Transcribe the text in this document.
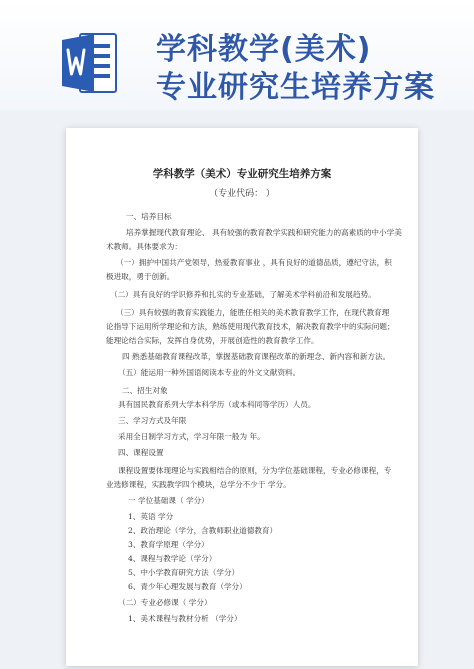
学科教学(美术)
专业研究生培养方案
学科教学（美术）专业研究生培养方案
（专业代码： ）
一、培养目标
培养掌握现代教育理论、 具有较强的教育教学实践和研究能力的高素质的中小学美
术教师。具体要求为：
（一）拥护中国共产党领导，热爱教育事业 ，具有良好的道德品质，遵纪守法，积
极进取，勇于创新。
（二）具有良好的学识修养和扎实的专业基础，了解美术学科前沿和发展趋势。
（三）具有较强的教育实践能力，能胜任相关的美术教育教学工作，在现代教育理
论指导下运用所学理论和方法，熟练使用现代教育技术，解决教育教学中的实际问题；
能理论结合实际，发挥自身优势，开展创造性的教育教学工作。
四 熟悉基础教育课程改革，掌握基础教育课程改革的新理念、新内容和新方法。
（五）能运用一种外国语阅读本专业的外文文献资料。
二、招生对象
具有国民教育系列大学本科学历（或本科同等学历）人员。
三、学习方式及年限
采用全日制学习方式，学习年限一般为 年。
四、课程设置
课程设置要体现理论与实践相结合的原则，分为学位基础课程，专业必修课程，专
业选修课程，实践教学四个模块，总学分不少于 学分。
一 学位基础课（ 学分）
1、英语 学分
2、政治理论（学分，含教师职业道德教育）
3、教育学原理（学分）
4、课程与教学论（学分）
5、中小学教育研究方法（学分）
6、青少年心理发展与教育（学分）
（二）专业必修课（ 学分）
1、美术课程与教材分析 （学分）
